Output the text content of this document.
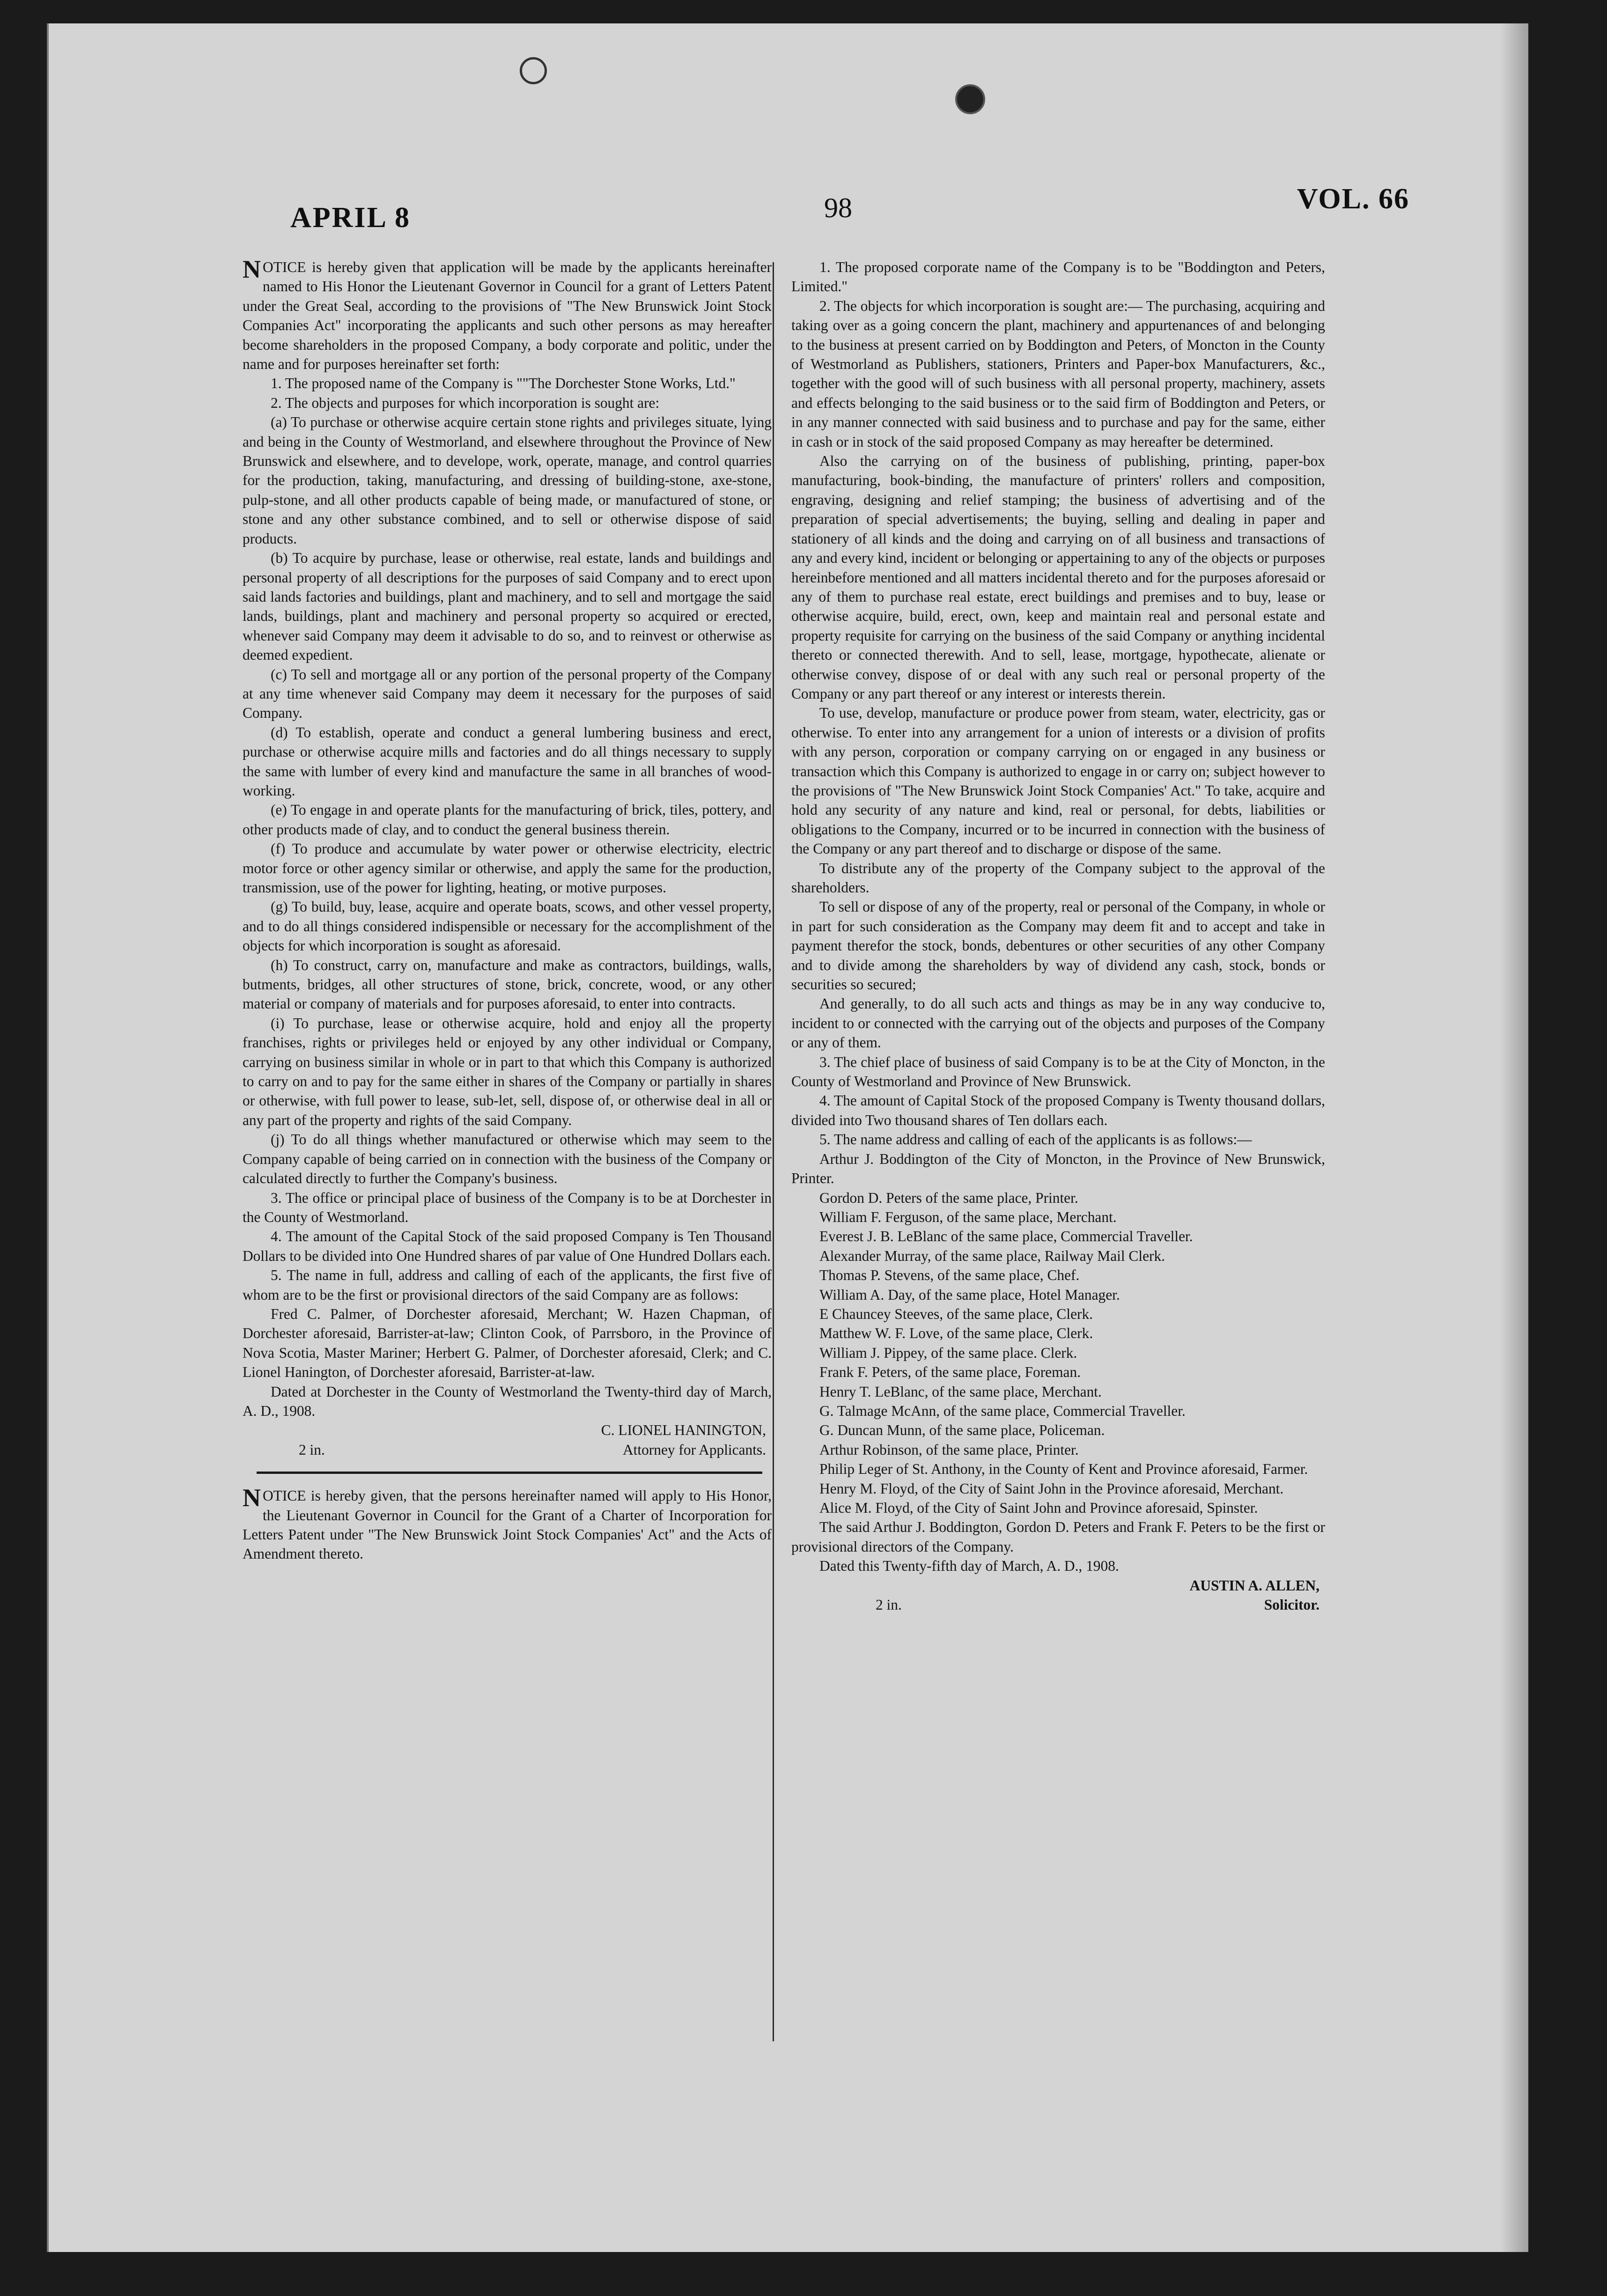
APRIL 8	98	VOL. 66

NOTICE is hereby given that application will be made by the applicants hereinafter named to His Honor the Lieutenant Governor in Council for a grant of Letters Patent under the Great Seal, according to the provisions of "The New Brunswick Joint Stock Companies Act" incorporating the applicants and such other persons as may hereafter become shareholders in the proposed Company, a body corporate and politic, under the name and for purposes hereinafter set forth:

1. The proposed name of the Company is ""The Dorchester Stone Works, Ltd."

2. The objects and purposes for which incorporation is sought are:

(a) To purchase or otherwise acquire certain stone rights and privileges situate, lying and being in the County of Westmorland, and elsewhere throughout the Province of New Brunswick and elsewhere, and to develope, work, operate, manage, and control quarries for the production, taking, manufacturing, and dressing of building-stone, axe-stone, pulp-stone, and all other products capable of being made, or manufactured of stone, or stone and any other substance combined, and to sell or otherwise dispose of said products.

(b) To acquire by purchase, lease or otherwise, real estate, lands and buildings and personal property of all descriptions for the purposes of said Company and to erect upon said lands factories and buildings, plant and machinery, and to sell and mortgage the said lands, buildings, plant and machinery and personal property so acquired or erected, whenever said Company may deem it advisable to do so, and to reinvest or otherwise as deemed expedient.

(c) To sell and mortgage all or any portion of the personal property of the Company at any time whenever said Company may deem it necessary for the purposes of said Company.

(d) To establish, operate and conduct a general lumbering business and erect, purchase or otherwise acquire mills and factories and do all things necessary to supply the same with lumber of every kind and manufacture the same in all branches of wood-working.

(e) To engage in and operate plants for the manufacturing of brick, tiles, pottery, and other products made of clay, and to conduct the general business therein.

(f) To produce and accumulate by water power or otherwise electricity, electric motor force or other agency similar or otherwise, and apply the same for the production, transmission, use of the power for lighting, heating, or motive purposes.

(g) To build, buy, lease, acquire and operate boats, scows, and other vessel property, and to do all things considered indispensible or necessary for the accomplishment of the objects for which incorporation is sought as aforesaid.

(h) To construct, carry on, manufacture and make as contractors, buildings, walls, butments, bridges, all other structures of stone, brick, concrete, wood, or any other material or company of materials and for purposes aforesaid, to enter into contracts.

(i) To purchase, lease or otherwise acquire, hold and enjoy all the property franchises, rights or privileges held or enjoyed by any other individual or Company, carrying on business similar in whole or in part to that which this Company is authorized to carry on and to pay for the same either in shares of the Company or partially in shares or otherwise, with full power to lease, sub-let, sell, dispose of, or otherwise deal in all or any part of the property and rights of the said Company.

(j) To do all things whether manufactured or otherwise which may seem to the Company capable of being carried on in connection with the business of the Company or calculated directly to further the Company's business.

3. The office or principal place of business of the Company is to be at Dorchester in the County of Westmorland.

4. The amount of the Capital Stock of the said proposed Company is Ten Thousand Dollars to be divided into One Hundred shares of par value of One Hundred Dollars each.

5. The name in full, address and calling of each of the applicants, the first five of whom are to be the first or provisional directors of the said Company are as follows:

Fred C. Palmer, of Dorchester aforesaid, Merchant; W. Hazen Chapman, of Dorchester aforesaid, Barrister-at-law; Clinton Cook, of Parrsboro, in the Province of Nova Scotia, Master Mariner; Herbert G. Palmer, of Dorchester aforesaid, Clerk; and C. Lionel Hanington, of Dorchester aforesaid, Barrister-at-law.

Dated at Dorchester in the County of Westmorland the Twenty-third day of March, A. D., 1908.

C. LIONEL HANINGTON,

2 in.	Attorney for Applicants.

NOTICE is hereby given, that the persons hereinafter named will apply to His Honor, the Lieutenant Governor in Council for the Grant of a Charter of Incorporation for Letters Patent under "The New Brunswick Joint Stock Companies' Act" and the Acts of Amendment thereto.

1. The proposed corporate name of the Company is to be "Boddington and Peters, Limited."

2. The objects for which incorporation is sought are:— The purchasing, acquiring and taking over as a going concern the plant, machinery and appurtenances of and belonging to the business at present carried on by Boddington and Peters, of Moncton in the County of Westmorland as Publishers, stationers, Printers and Paper-box Manufacturers, &c., together with the good will of such business with all personal property, machinery, assets and effects belonging to the said business or to the said firm of Boddington and Peters, or in any manner connected with said business and to purchase and pay for the same, either in cash or in stock of the said proposed Company as may hereafter be determined.

Also the carrying on of the business of publishing, printing, paper-box manufacturing, book-binding, the manufacture of printers' rollers and composition, engraving, designing and relief stamping; the business of advertising and of the preparation of special advertisements; the buying, selling and dealing in paper and stationery of all kinds and the doing and carrying on of all business and transactions of any and every kind, incident or belonging or appertaining to any of the objects or purposes hereinbefore mentioned and all matters incidental thereto and for the purposes aforesaid or any of them to purchase real estate, erect buildings and premises and to buy, lease or otherwise acquire, build, erect, own, keep and maintain real and personal estate and property requisite for carrying on the business of the said Company or anything incidental thereto or connected therewith. And to sell, lease, mortgage, hypothecate, alienate or otherwise convey, dispose of or deal with any such real or personal property of the Company or any part thereof or any interest or interests therein.

To use, develop, manufacture or produce power from steam, water, electricity, gas or otherwise. To enter into any arrangement for a union of interests or a division of profits with any person, corporation or company carrying on or engaged in any business or transaction which this Company is authorized to engage in or carry on; subject however to the provisions of "The New Brunswick Joint Stock Companies' Act." To take, acquire and hold any security of any nature and kind, real or personal, for debts, liabilities or obligations to the Company, incurred or to be incurred in connection with the business of the Company or any part thereof and to discharge or dispose of the same.

To distribute any of the property of the Company subject to the approval of the shareholders.

To sell or dispose of any of the property, real or personal of the Company, in whole or in part for such consideration as the Company may deem fit and to accept and take in payment therefor the stock, bonds, debentures or other securities of any other Company and to divide among the shareholders by way of dividend any cash, stock, bonds or securities so secured;

And generally, to do all such acts and things as may be in any way conducive to, incident to or connected with the carrying out of the objects and purposes of the Company or any of them.

3. The chief place of business of said Company is to be at the City of Moncton, in the County of Westmorland and Province of New Brunswick.

4. The amount of Capital Stock of the proposed Company is Twenty thousand dollars, divided into Two thousand shares of Ten dollars each.

5. The name address and calling of each of the applicants is as follows:—

Arthur J. Boddington of the City of Moncton, in the Province of New Brunswick, Printer.

Gordon D. Peters of the same place, Printer.

William F. Ferguson, of the same place, Merchant.

Everest J. B. LeBlanc of the same place, Commercial Traveller.

Alexander Murray, of the same place, Railway Mail Clerk.

Thomas P. Stevens, of the same place, Chef.

William A. Day, of the same place, Hotel Manager.

E Chauncey Steeves, of the same place, Clerk.

Matthew W. F. Love, of the same place, Clerk.

William J. Pippey, of the same place. Clerk.

Frank F. Peters, of the same place, Foreman.

Henry T. LeBlanc, of the same place, Merchant.

G. Talmage McAnn, of the same place, Commercial Traveller.

G. Duncan Munn, of the same place, Policeman.

Arthur Robinson, of the same place, Printer.

Philip Leger of St. Anthony, in the County of Kent and Province aforesaid, Farmer.

Henry M. Floyd, of the City of Saint John in the Province aforesaid, Merchant.

Alice M. Floyd, of the City of Saint John and Province aforesaid, Spinster.

The said Arthur J. Boddington, Gordon D. Peters and Frank F. Peters to be the first or provisional directors of the Company.

Dated this Twenty-fifth day of March, A. D., 1908.

AUSTIN A. ALLEN,

2 in.	Solicitor.
